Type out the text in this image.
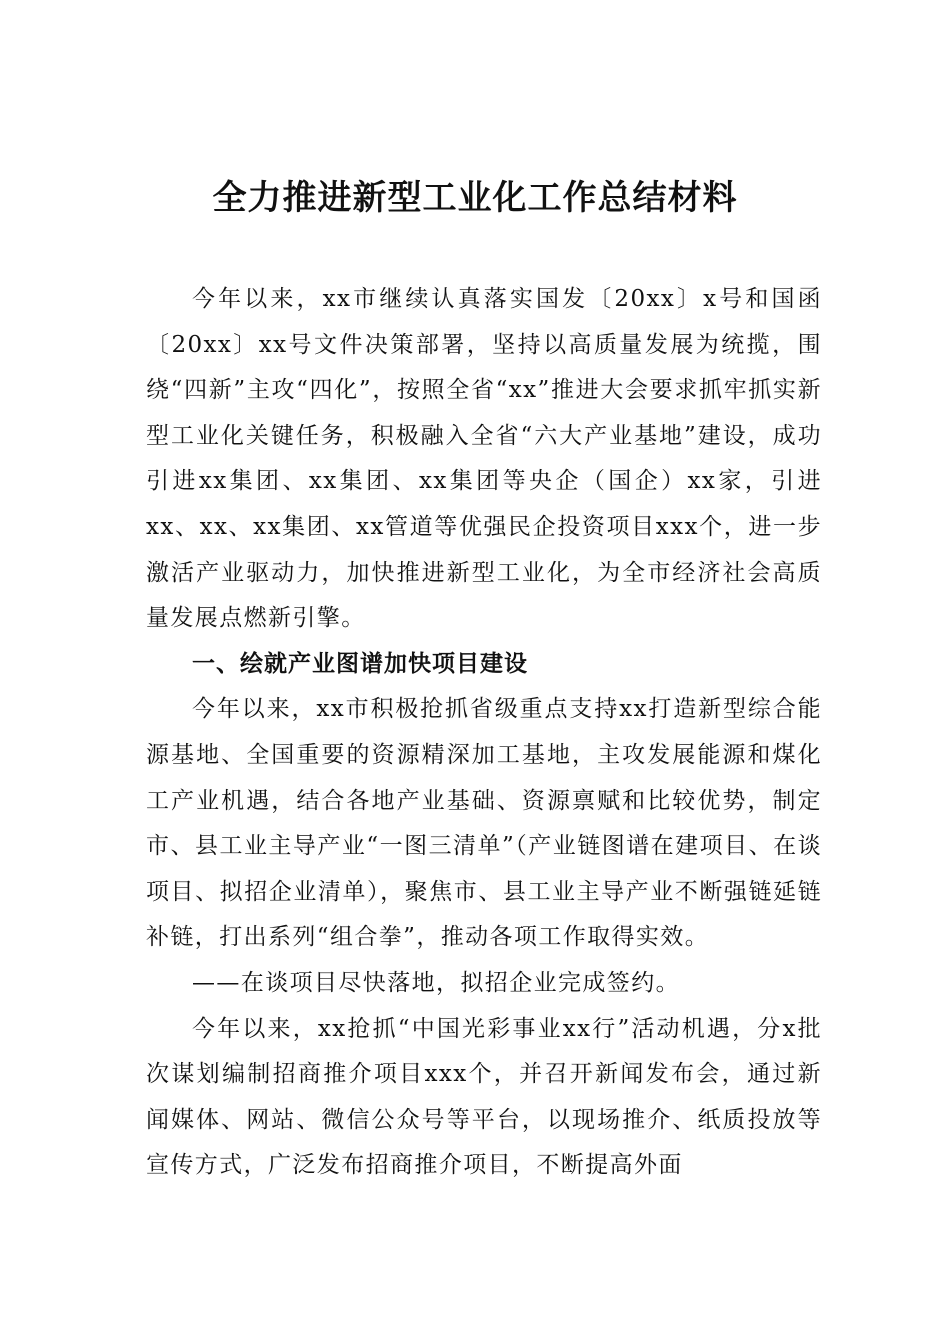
全力推进新型工业化工作总结材料

今年以来，xx市继续认真落实国发〔20xx〕x号和国函〔20xx〕xx号文件决策部署，坚持以高质量发展为统揽，围绕“四新”主攻“四化”，按照全省“xx”推进大会要求抓牢抓实新型工业化关键任务，积极融入全省“六大产业基地”建设，成功引进xx集团、xx集团、xx集团等央企（国企）xx家，引进xx、xx、xx集团、xx管道等优强民企投资项目xxx个，进一步激活产业驱动力，加快推进新型工业化，为全市经济社会高质量发展点燃新引擎。

一、绘就产业图谱加快项目建设

今年以来，xx市积极抢抓省级重点支持xx打造新型综合能源基地、全国重要的资源精深加工基地，主攻发展能源和煤化工产业机遇，结合各地产业基础、资源禀赋和比较优势，制定市、县工业主导产业“一图三清单”（产业链图谱在建项目、在谈项目、拟招企业清单），聚焦市、县工业主导产业不断强链延链补链，打出系列“组合拳”，推动各项工作取得实效。

——在谈项目尽快落地，拟招企业完成签约。

今年以来，xx抢抓“中国光彩事业xx行”活动机遇，分x批次谋划编制招商推介项目xxx个，并召开新闻发布会，通过新闻媒体、网站、微信公众号等平台，以现场推介、纸质投放等宣传方式，广泛发布招商推介项目，不断提高外面
